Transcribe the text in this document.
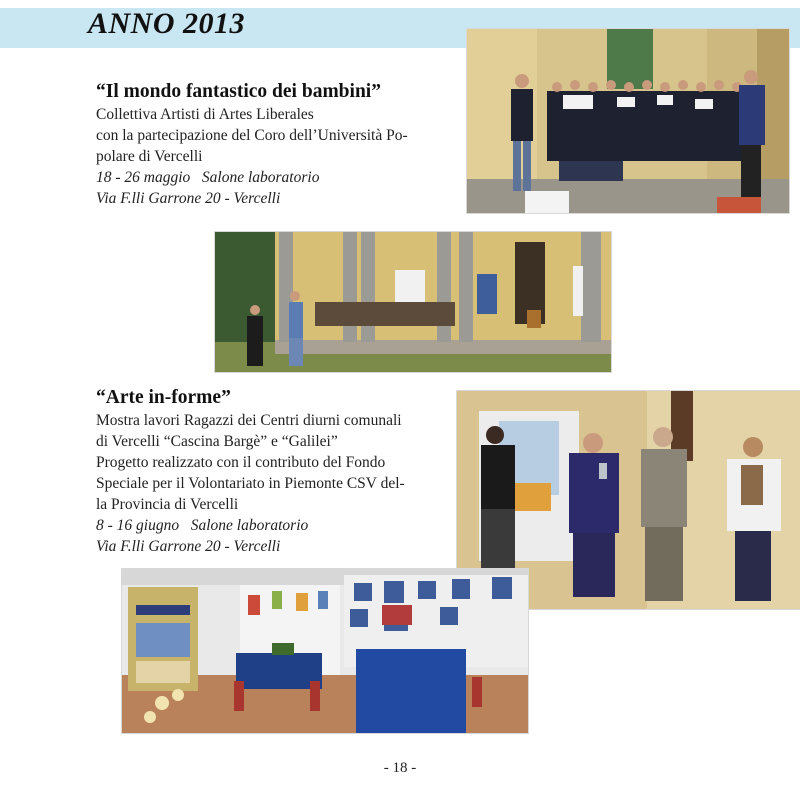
ANNO 2013
“Il mondo fantastico dei bambini”
Collettiva Artisti di Artes Liberales
con la partecipazione del Coro dell’Università Po-
polare di Vercelli
18 - 26 maggio   Salone laboratorio
Via F.lli Garrone 20 - Vercelli
“Arte in-forme”
Mostra lavori Ragazzi dei Centri diurni comunali
di Vercelli “Cascina Bargè” e “Galilei”
Progetto realizzato con il contributo del Fondo
Speciale per il Volontariato in Piemonte CSV del-
la Provincia di Vercelli
8 - 16 giugno   Salone laboratorio
Via F.lli Garrone 20 - Vercelli
- 18 -
